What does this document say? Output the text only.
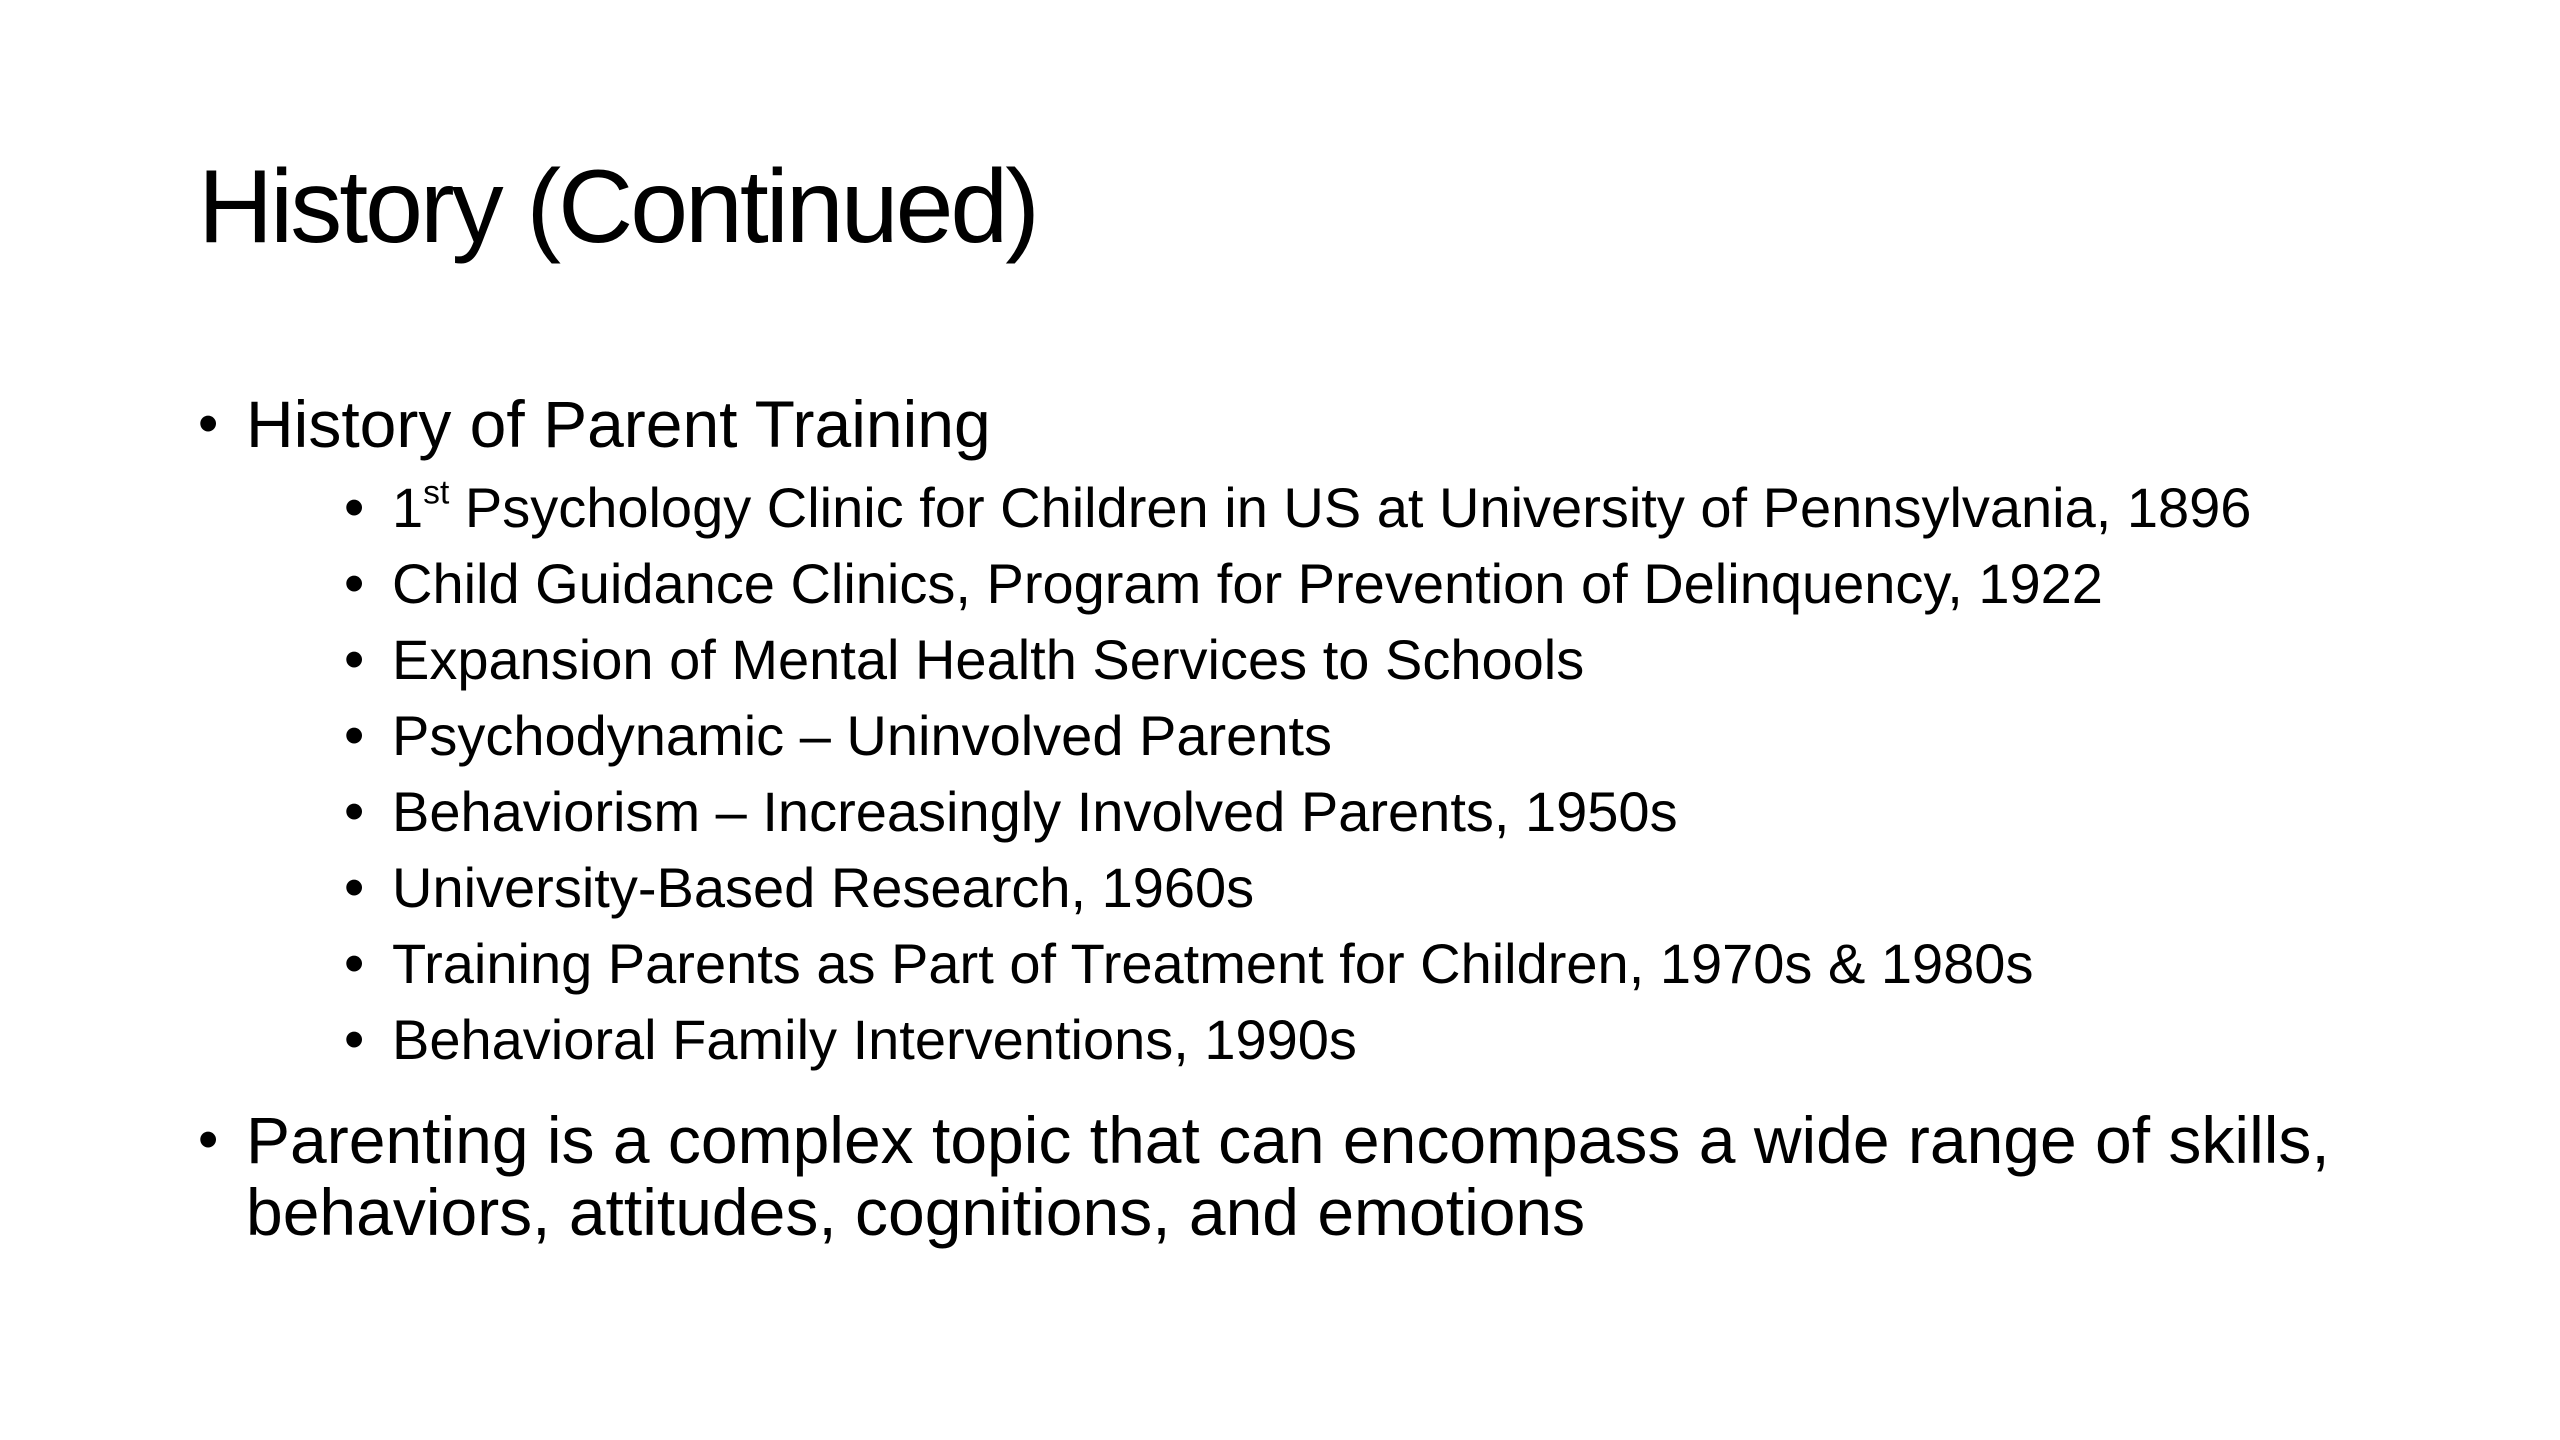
History (Continued)
• History of Parent Training
• 1st Psychology Clinic for Children in US at University of Pennsylvania, 1896
• Child Guidance Clinics, Program for Prevention of Delinquency, 1922
• Expansion of Mental Health Services to Schools
• Psychodynamic – Uninvolved Parents
• Behaviorism – Increasingly Involved Parents, 1950s
• University-Based Research, 1960s
• Training Parents as Part of Treatment for Children, 1970s & 1980s
• Behavioral Family Interventions, 1990s
• Parenting is a complex topic that can encompass a wide range of skills, behaviors, attitudes, cognitions, and emotions
